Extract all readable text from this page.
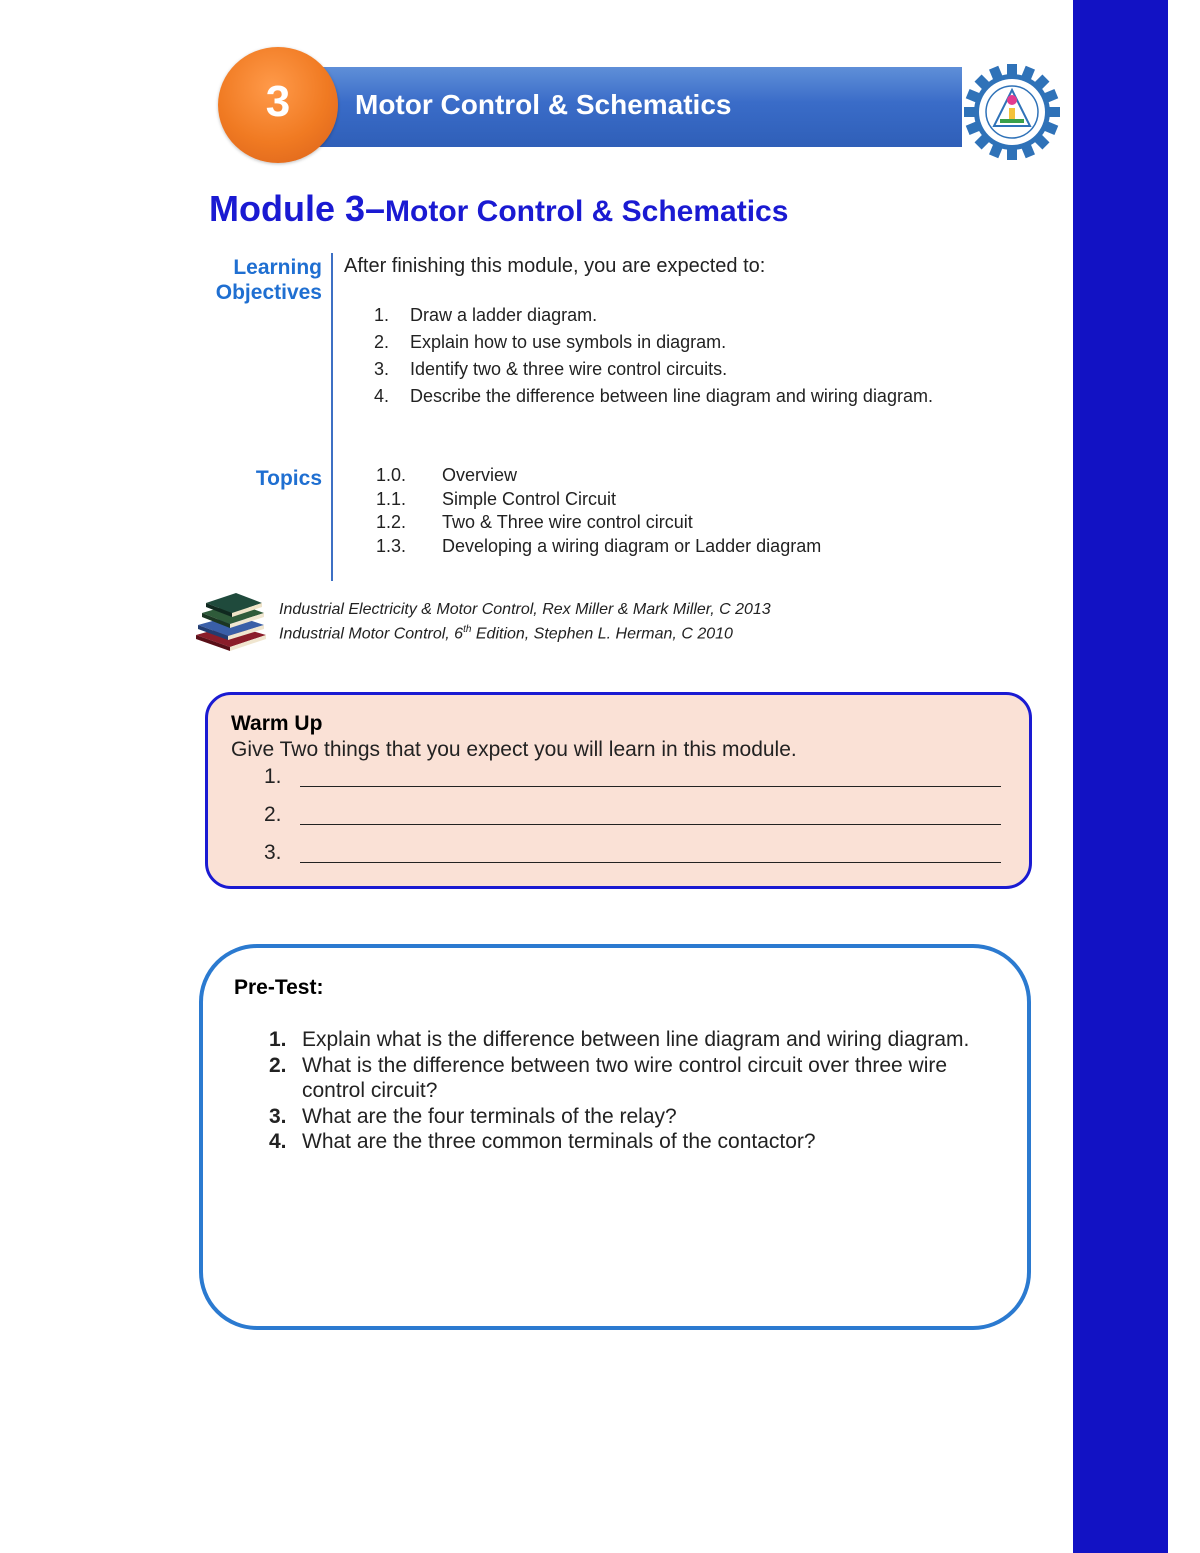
Motor Control & Schematics
3
Module 3–Motor Control & Schematics
Learning
Objectives
After finishing this module, you are expected to:
1. Draw a ladder diagram.
2. Explain how to use symbols in diagram.
3. Identify two & three wire control circuits.
4. Describe the difference between line diagram and wiring diagram.
Topics	1.0. Overview
1.1. Simple Control Circuit
1.2. Two & Three wire control circuit
1.3. Developing a wiring diagram or Ladder diagram
Industrial Electricity & Motor Control, Rex Miller & Mark Miller, C 2013
Industrial Motor Control, 6th Edition, Stephen L. Herman, C 2010
Warm Up
Give Two things that you expect you will learn in this module.
1.
2.
3.
Pre-Test:
1. Explain what is the difference between line diagram and wiring diagram.
2. What is the difference between two wire control circuit over three wire control circuit?
3. What are the four terminals of the relay?
4. What are the three common terminals of the contactor?
